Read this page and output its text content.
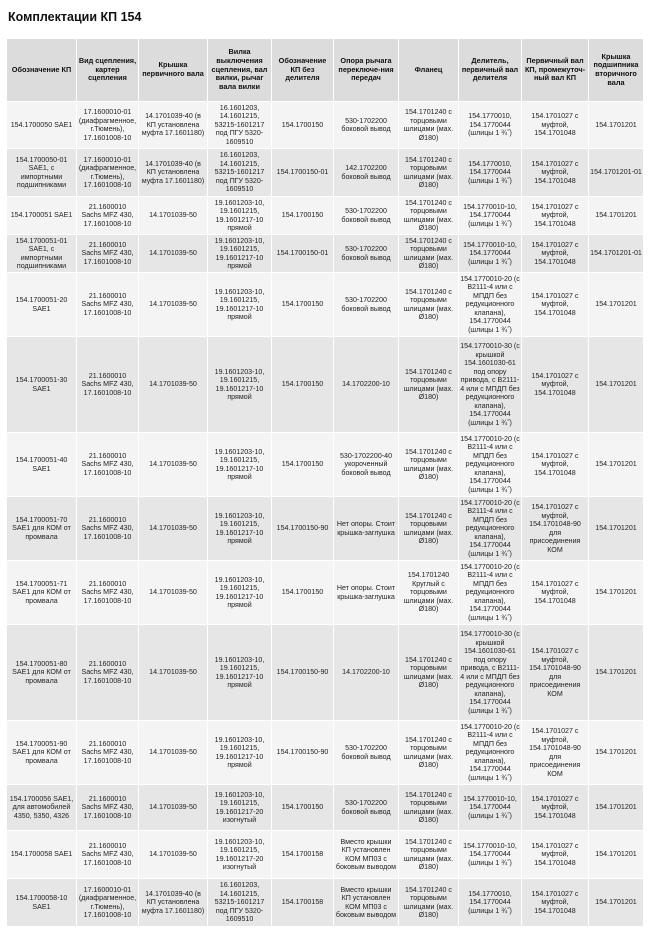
Комплектации КП 154
Обозначение КП	Вид сцепления, картер сцепления	Крышка первичного вала	Вилка выключения сцепления, вал вилки, рычаг вала вилки	Обозначение КП без делителя	Опора рычага переключе-ния передач	Фланец	Делитель, первичный вал делителя	Первичный вал КП, промежуточ-ный вал КП	Крышка подшипника вторичного вала
154.1700050 SAE1	17.1600010-01 (диафрагменное, г.Тюмень), 17.1601008-10	14.1701039-40 (в КП установлена муфта 17.1601180)	16.1601203, 14.1601215, 53215-1601217 под ПГУ 5320-1609510	154.1700150	530-1702200 боковой вывод	154.1701240 с торцовыми шлицами (мах. Ø180)	154.1770010, 154.1770044 (шлицы 1 ¾˝)	154.1701027 с муфтой, 154.1701048	154.1701201
154.1700050-01 SAE1, с импортными подшипниками	17.1600010-01 (диафрагменное, г.Тюмень), 17.1601008-10	14.1701039-40 (в КП установлена муфта 17.1601180)	16.1601203, 14.1601215, 53215-1601217 под ПГУ 5320-1609510	154.1700150-01	142.1702200 боковой вывод	154.1701240 с торцовыми шлицами (мах. Ø180)	154.1770010, 154.1770044 (шлицы 1 ¾˝)	154.1701027 с муфтой, 154.1701048	154.1701201-01
154.1700051 SAE1	21.1600010 Sachs MFZ 430, 17.1601008-10	14.1701039-50	19.1601203-10, 19.1601215, 19.1601217-10 прямой	154.1700150	530-1702200 боковой вывод	154.1701240 с торцовыми шлицами (мах. Ø180)	154.1770010-10, 154.1770044 (шлицы 1 ¾˝)	154.1701027 с муфтой, 154.1701048	154.1701201
154.1700051-01 SAE1, с импортными подшипниками	21.1600010 Sachs MFZ 430, 17.1601008-10	14.1701039-50	19.1601203-10, 19.1601215, 19.1601217-10 прямой	154.1700150-01	530-1702200 боковой вывод	154.1701240 с торцовыми шлицами (мах. Ø180)	154.1770010-10, 154.1770044 (шлицы 1 ¾˝)	154.1701027 с муфтой, 154.1701048	154.1701201-01
154.1700051-20 SAE1	21.1600010 Sachs MFZ 430, 17.1601008-10	14.1701039-50	19.1601203-10, 19.1601215, 19.1601217-10 прямой	154.1700150	530-1702200 боковой вывод	154.1701240 с торцовыми шлицами (мах. Ø180)	154.1770010-20 (с В2111-4 или с МПДП без редукционного клапана), 154.1770044 (шлицы 1 ¾˝)	154.1701027 с муфтой, 154.1701048	154.1701201
154.1700051-30 SAE1	21.1600010 Sachs MFZ 430, 17.1601008-10	14.1701039-50	19.1601203-10, 19.1601215, 19.1601217-10 прямой	154.1700150	14.1702200-10	154.1701240 с торцовыми шлицами (мах. Ø180)	154.1770010-30 (с крышкой 154.1601030-61 под опору привода, с В2111-4 или с МПДП без редукционного клапана), 154.1770044 (шлицы 1 ¾˝)	154.1701027 с муфтой, 154.1701048	154.1701201
154.1700051-40 SAE1	21.1600010 Sachs MFZ 430, 17.1601008-10	14.1701039-50	19.1601203-10, 19.1601215, 19.1601217-10 прямой	154.1700150	530-1702200-40 укороченный боковой вывод	154.1701240 с торцовыми шлицами (мах. Ø180)	154.1770010-20 (с В2111-4 или с МПДП без редукционного клапана), 154.1770044 (шлицы 1 ¾˝)	154.1701027 с муфтой, 154.1701048	154.1701201
154.1700051-70 SAE1 для КОМ от промвала	21.1600010 Sachs MFZ 430, 17.1601008-10	14.1701039-50	19.1601203-10, 19.1601215, 19.1601217-10 прямой	154.1700150-90	Нет опоры. Стоит крышка-заглушка	154.1701240 с торцовыми шлицами (мах. Ø180)	154.1770010-20 (с В2111-4 или с МПДП без редукционного клапана), 154.1770044 (шлицы 1 ¾˝)	154.1701027 с муфтой, 154.1701048-90 для присоединения КОМ	154.1701201
154.1700051-71 SAE1 для КОМ от промвала	21.1600010 Sachs MFZ 430, 17.1601008-10	14.1701039-50	19.1601203-10, 19.1601215, 19.1601217-10 прямой	154.1700150	Нет опоры. Стоит крышка-заглушка	154.1701240 Круглый с торцовыми шлицами (мах. Ø180)	154.1770010-20 (с В2111-4 или с МПДП без редукционного клапана), 154.1770044 (шлицы 1 ¾˝)	154.1701027 с муфтой, 154.1701048	154.1701201
154.1700051-80 SAE1 для КОМ от промвала	21.1600010 Sachs MFZ 430, 17.1601008-10	14.1701039-50	19.1601203-10, 19.1601215, 19.1601217-10 прямой	154.1700150-90	14.1702200-10	154.1701240 с торцовыми шлицами (мах. Ø180)	154.1770010-30 (с крышкой 154.1601030-61 под опору привода, с В2111-4 или с МПДП без редукционного клапана), 154.1770044 (шлицы 1 ¾˝)	154.1701027 с муфтой, 154.1701048-90 для присоединения КОМ	154.1701201
154.1700051-90 SAE1 для КОМ от промвала	21.1600010 Sachs MFZ 430, 17.1601008-10	14.1701039-50	19.1601203-10, 19.1601215, 19.1601217-10 прямой	154.1700150-90	530-1702200 боковой вывод	154.1701240 с торцовыми шлицами (мах. Ø180)	154.1770010-20 (с В2111-4 или с МПДП без редукционного клапана), 154.1770044 (шлицы 1 ¾˝)	154.1701027 с муфтой, 154.1701048-90 для присоединения КОМ	154.1701201
154.1700056 SAE1, для автомобилей 4350, 5350, 4326	21.1600010 Sachs MFZ 430, 17.1601008-10	14.1701039-50	19.1601203-10, 19.1601215, 19.1601217-20 изогнутый	154.1700150	530-1702200 боковой вывод	154.1701240 с торцовыми шлицами (мах. Ø180)	154.1770010-10, 154.1770044 (шлицы 1 ¾˝)	154.1701027 с муфтой, 154.1701048	154.1701201
154.1700058 SAE1	21.1600010 Sachs MFZ 430, 17.1601008-10	14.1701039-50	19.1601203-10, 19.1601215, 19.1601217-20 изогнутый	154.1700158	Вместо крышки КП установлен КОМ МП03 с боковым выводом	154.1701240 с торцовыми шлицами (мах. Ø180)	154.1770010-10, 154.1770044 (шлицы 1 ¾˝)	154.1701027 с муфтой, 154.1701048	154.1701201
154.1700058-10 SAE1	17.1600010-01 (диафрагменное, г.Тюмень), 17.1601008-10	14.1701039-40 (в КП установлена муфта 17.1601180)	16.1601203, 14.1601215, 53215-1601217 под ПГУ 5320-1609510	154.1700158	Вместо крышки КП установлен КОМ МП03 с боковым выводом	154.1701240 с торцовыми шлицами (мах. Ø180)	154.1770010, 154.1770044 (шлицы 1 ¾˝)	154.1701027 с муфтой, 154.1701048	154.1701201
